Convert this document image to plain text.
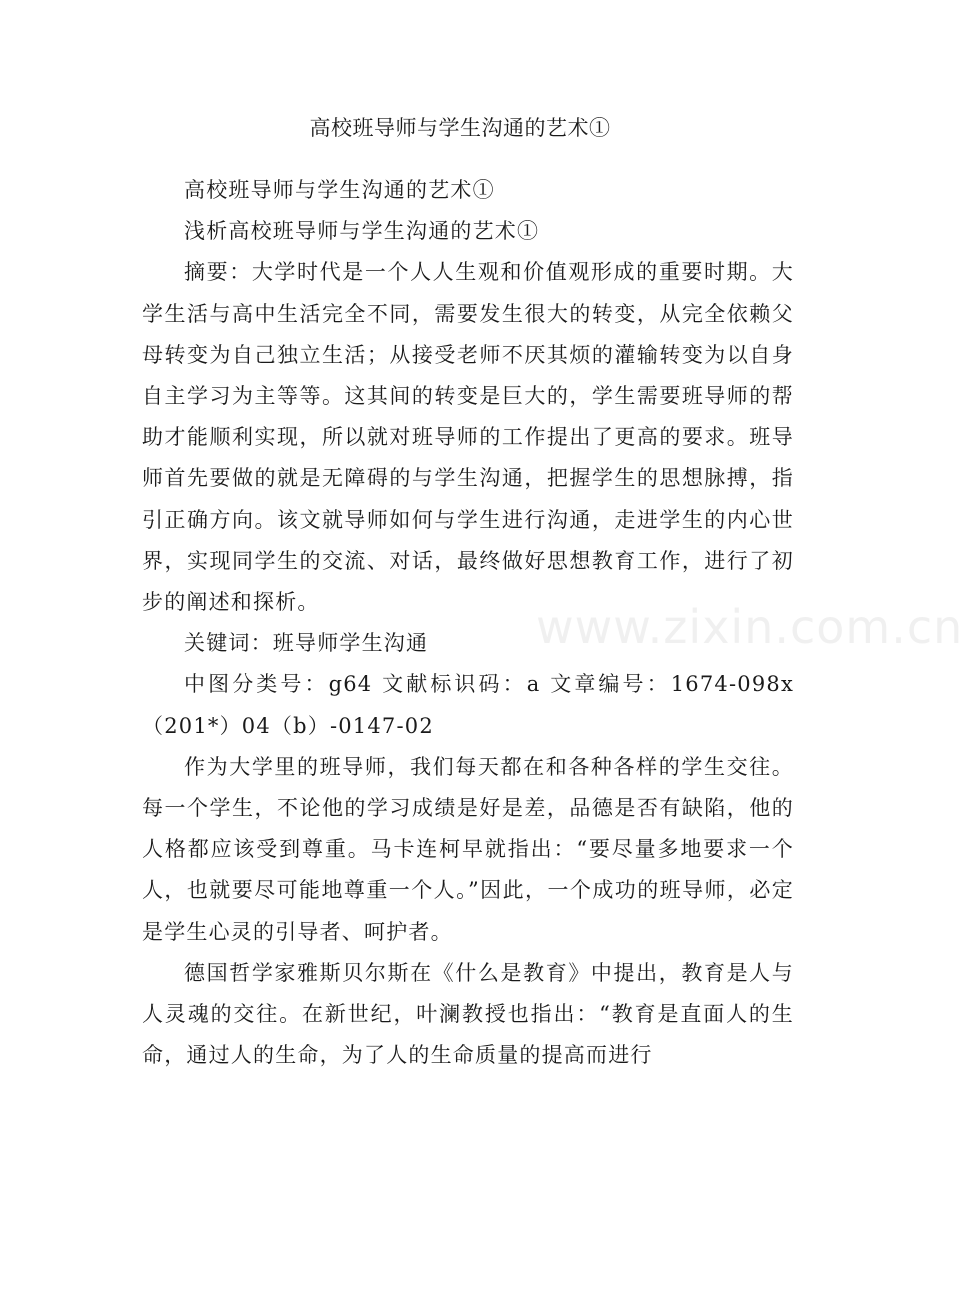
高校班导师与学生沟通的艺术①

高校班导师与学生沟通的艺术①

浅析高校班导师与学生沟通的艺术①

摘要：大学时代是一个人人生观和价值观形成的重要时期。大学生活与高中生活完全不同，需要发生很大的转变，从完全依赖父母转变为自己独立生活；从接受老师不厌其烦的灌输转变为以自身自主学习为主等等。这其间的转变是巨大的，学生需要班导师的帮助才能顺利实现，所以就对班导师的工作提出了更高的要求。班导师首先要做的就是无障碍的与学生沟通，把握学生的思想脉搏，指引正确方向。该文就导师如何与学生进行沟通，走进学生的内心世界，实现同学生的交流、对话，最终做好思想教育工作，进行了初步的阐述和探析。

关键词：班导师学生沟通

中图分类号：g64 文献标识码：a 文章编号：1674-098x（201*）04（b）-0147-02

作为大学里的班导师，我们每天都在和各种各样的学生交往。每一个学生，不论他的学习成绩是好是差，品德是否有缺陷，他的人格都应该受到尊重。马卡连柯早就指出：“要尽量多地要求一个人，也就要尽可能地尊重一个人。”因此，一个成功的班导师，必定是学生心灵的引导者、呵护者。

德国哲学家雅斯贝尔斯在《什么是教育》中提出，教育是人与人灵魂的交往。在新世纪，叶澜教授也指出：“教育是直面人的生命，通过人的生命，为了人的生命质量的提高而进行

www.zixin.com.cn
